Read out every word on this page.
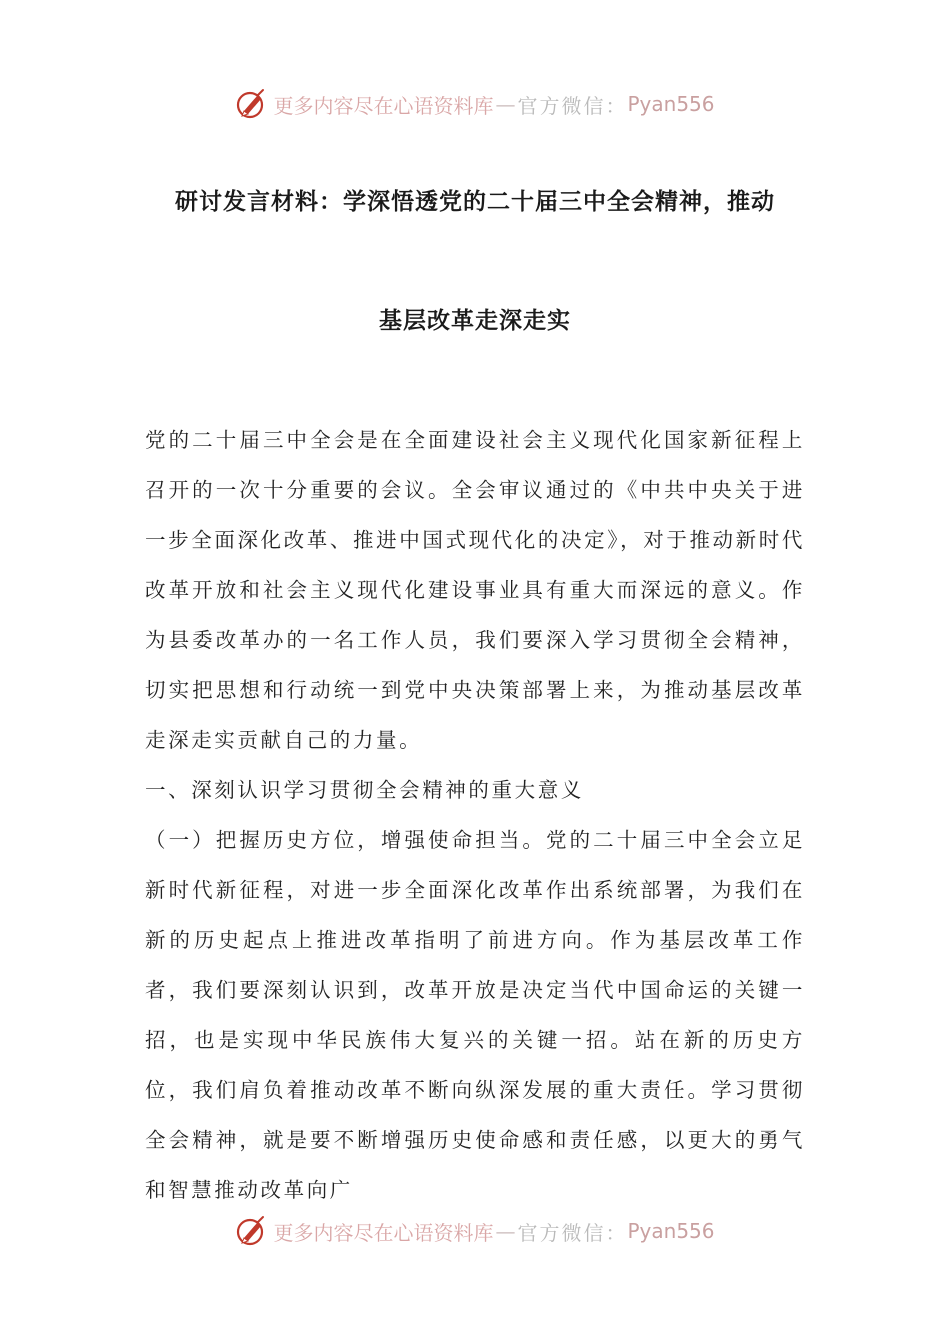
更多内容尽在心语资料库 — 官方微信： Pyan556
研讨发言材料：学深悟透党的二十届三中全会精神，推动
基层改革走深走实

党的二十届三中全会是在全面建设社会主义现代化国家新征程上召开的一次十分重要的会议。全会审议通过的《中共中央关于进一步全面深化改革、推进中国式现代化的决定》，对于推动新时代改革开放和社会主义现代化建设事业具有重大而深远的意义。作为县委改革办的一名工作人员，我们要深入学习贯彻全会精神，切实把思想和行动统一到党中央决策部署上来，为推动基层改革走深走实贡献自己的力量。

一、深刻认识学习贯彻全会精神的重大意义

（一）把握历史方位，增强使命担当。党的二十届三中全会立足新时代新征程，对进一步全面深化改革作出系统部署，为我们在新的历史起点上推进改革指明了前进方向。作为基层改革工作者，我们要深刻认识到，改革开放是决定当代中国命运的关键一招，也是实现中华民族伟大复兴的关键一招。站在新的历史方位，我们肩负着推动改革不断向纵深发展的重大责任。学习贯彻全会精神，就是要不断增强历史使命感和责任感，以更大的勇气和智慧推动改革向广

更多内容尽在心语资料库 — 官方微信： Pyan556
